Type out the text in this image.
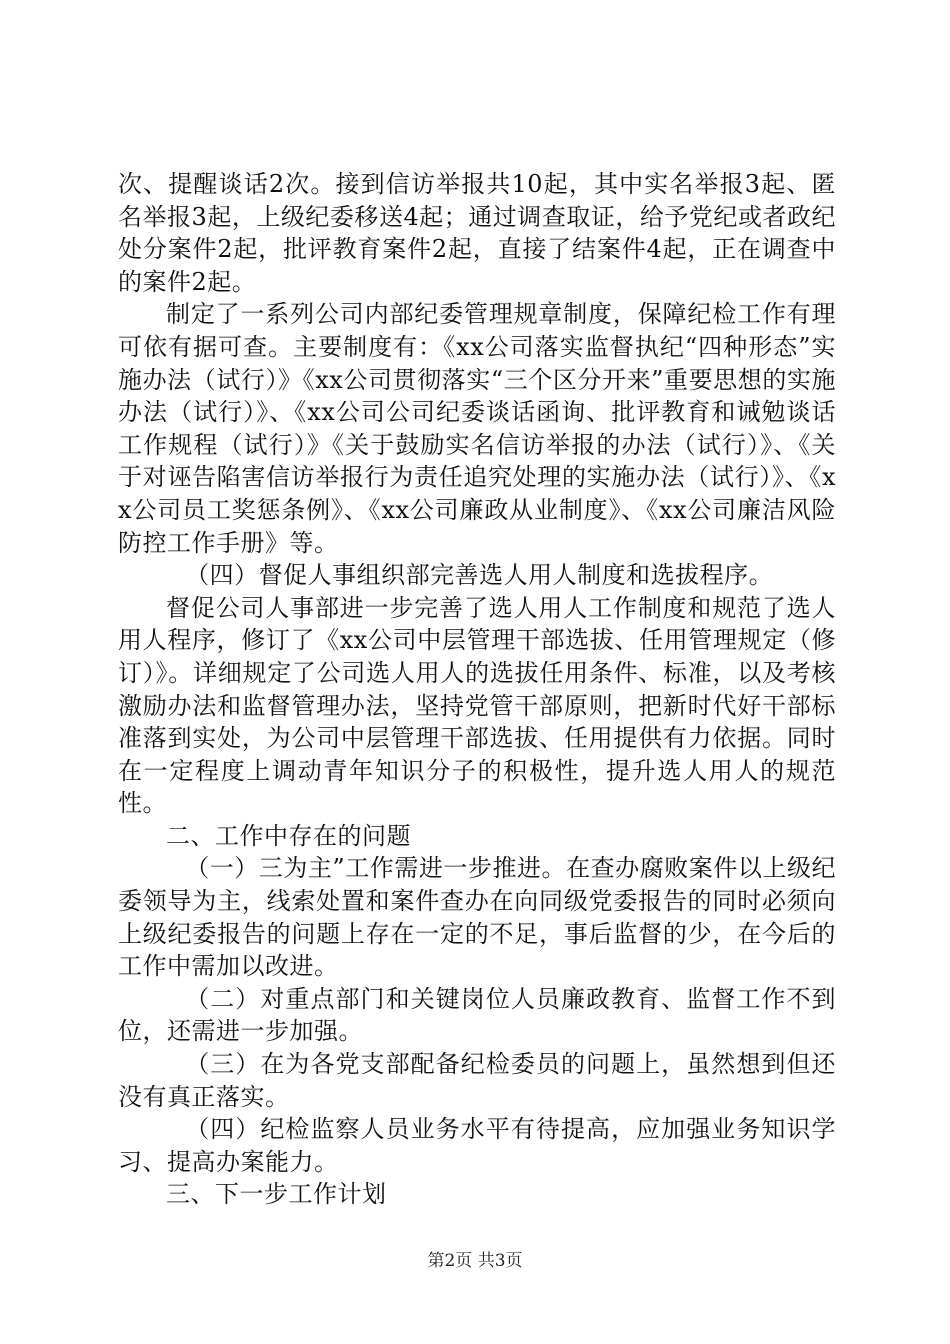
次、提醒谈话2次。接到信访举报共10起，其中实名举报3起、匿名举报3起，上级纪委移送4起；通过调查取证，给予党纪或者政纪处分案件2起，批评教育案件2起，直接了结案件4起，正在调查中的案件2起。

制定了一系列公司内部纪委管理规章制度，保障纪检工作有理可依有据可查。主要制度有：《xx公司落实监督执纪“四种形态”实施办法（试行）》《xx公司贯彻落实“三个区分开来”重要思想的实施办法（试行）》、《xx公司公司纪委谈话函询、批评教育和诫勉谈话工作规程（试行）》《关于鼓励实名信访举报的办法（试行）》、《关于对诬告陷害信访举报行为责任追究处理的实施办法（试行）》、《xx公司员工奖惩条例》、《xx公司廉政从业制度》、《xx公司廉洁风险防控工作手册》等。

（四）督促人事组织部完善选人用人制度和选拔程序。

督促公司人事部进一步完善了选人用人工作制度和规范了选人用人程序，修订了《xx公司中层管理干部选拔、任用管理规定（修订）》。详细规定了公司选人用人的选拔任用条件、标准，以及考核激励办法和监督管理办法，坚持党管干部原则，把新时代好干部标准落到实处，为公司中层管理干部选拔、任用提供有力依据。同时在一定程度上调动青年知识分子的积极性，提升选人用人的规范性。

二、工作中存在的问题

（一）三为主”工作需进一步推进。在查办腐败案件以上级纪委领导为主，线索处置和案件查办在向同级党委报告的同时必须向上级纪委报告的问题上存在一定的不足，事后监督的少，在今后的工作中需加以改进。

（二）对重点部门和关键岗位人员廉政教育、监督工作不到位，还需进一步加强。

（三）在为各党支部配备纪检委员的问题上，虽然想到但还没有真正落实。

（四）纪检监察人员业务水平有待提高，应加强业务知识学习、提高办案能力。

三、下一步工作计划

第2页 共3页
